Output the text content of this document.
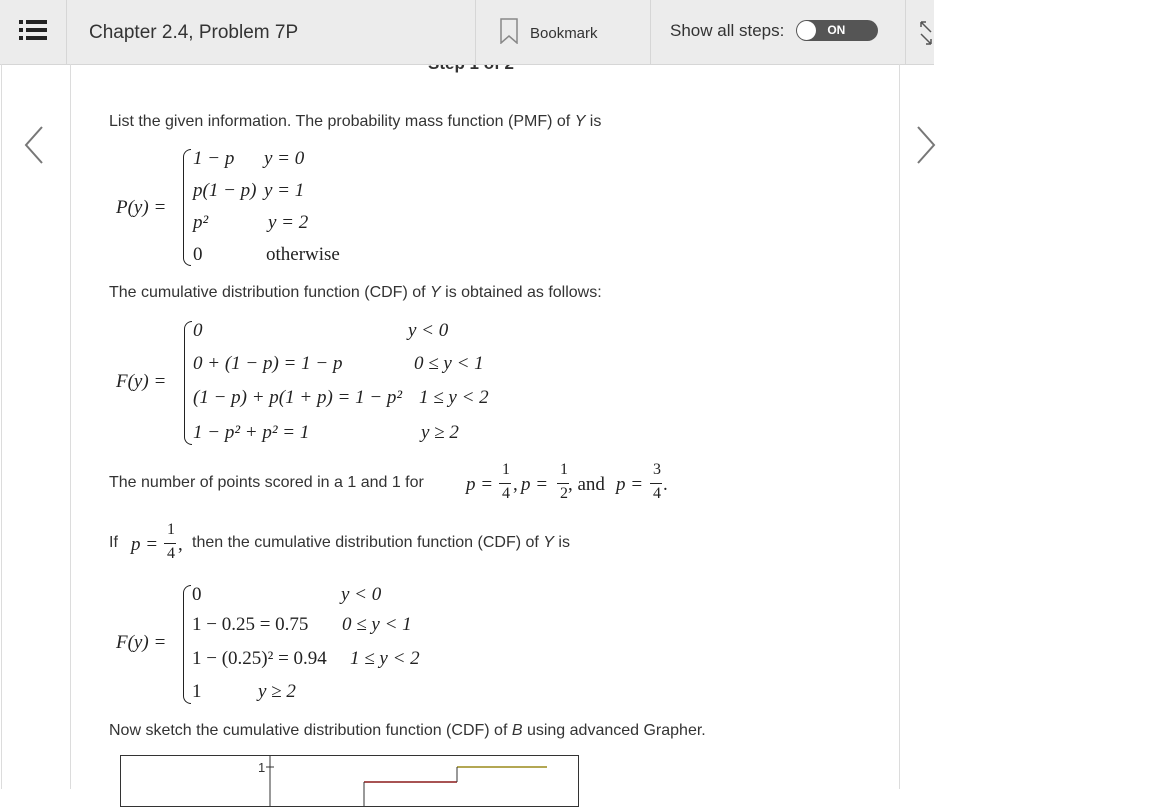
Chapter 2.4, Problem 7P	Bookmark	Show all steps:	ON
List the given information. The probability mass function (PMF) of Y is
P(y) =
1 − p y = 0
p(1 − p) y = 1
p²	y = 2
0	otherwise
The cumulative distribution function (CDF) of Y is obtained as follows:
F(y) =
0	y < 0
0 + (1 − p) = 1 − p	0 ≤ y < 1
(1 − p) + p(1 + p) = 1 − p² 1 ≤ y < 2
1 − p² + p² = 1	y ≥ 2
The number of points scored in a 1 and 1 for p =
1
4 , p =
1
2 , and p =
3
4 .
If p =
1
4 , then the cumulative distribution function (CDF) of Y is
F(y) =
0	y < 0
1 − 0.25 = 0.75 0 ≤ y < 1
1 − (0.25)² = 0.94 1 ≤ y < 2
1	y ≥ 2
Now sketch the cumulative distribution function (CDF) of B using advanced Grapher.
1
